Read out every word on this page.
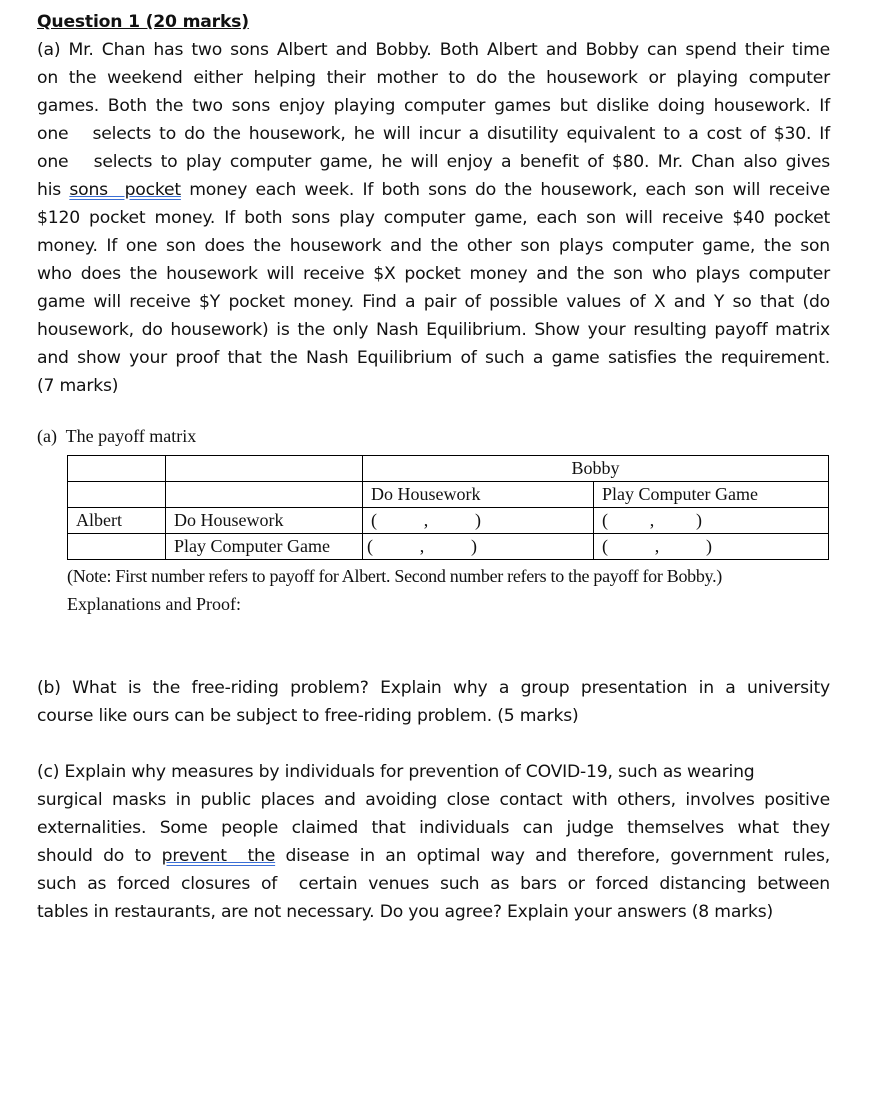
Question 1 (20 marks)
(a) Mr. Chan has two sons Albert and Bobby. Both Albert and Bobby can spend their time
on the weekend either helping their mother to do the housework or playing computer
games. Both the two sons enjoy playing computer games but dislike doing housework. If
one   selects to do the housework, he will incur a disutility equivalent to a cost of $30. If
one   selects to play computer game, he will enjoy a benefit of $80. Mr. Chan also gives
his sons  pocket money each week. If both sons do the housework, each son will receive
$120 pocket money. If both sons play computer game, each son will receive $40 pocket
money. If one son does the housework and the other son plays computer game, the son
who does the housework will receive $X pocket money and the son who plays computer
game will receive $Y pocket money. Find a pair of possible values of X and Y so that (do
housework, do housework) is the only Nash Equilibrium. Show your resulting payoff matrix
and show your proof that the Nash Equilibrium of such a game satisfies the requirement.
(7 marks)
(a)  The payoff matrix
		Bobby	
		Do Housework	Play Computer Game
Albert	Do Housework	( , )	( , )

	Play Computer Game	( , )	( , )
(Note: First number refers to payoff for Albert. Second number refers to the payoff for Bobby.)
Explanations and Proof:
(b) What is the free-riding problem? Explain why a group presentation in a university
course like ours can be subject to free-riding problem. (5 marks)
(c) Explain why measures by individuals for prevention of COVID-19, such as wearing
surgical masks in public places and avoiding close contact with others, involves positive
externalities. Some people claimed that individuals can judge themselves what they
should do to prevent  the disease in an optimal way and therefore, government rules,
such as forced closures of  certain venues such as bars or forced distancing between
tables in restaurants, are not necessary. Do you agree? Explain your answers (8 marks)
